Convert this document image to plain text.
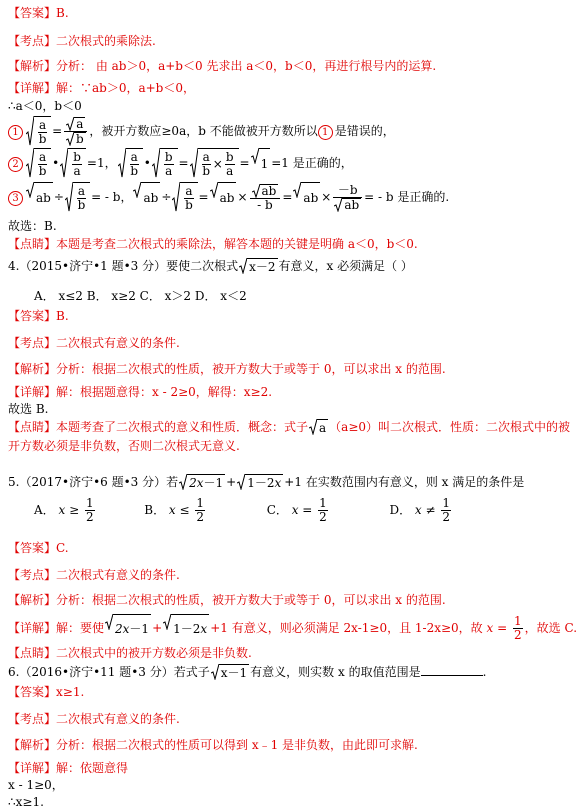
【答案】B.
【考点】二次根式的乘除法.
【解析】分析： 由 ab＞0，a+b＜0 先求出 a＜0，b＜0，再进行根号内的运算.
【详解】解：∵ab＞0，a+b＜0，
∴a＜0，b＜0
$1 \frac{a}{b} = \frac{a}{b}$ ，被开方数应≥0a，b 不能做被开方数所以 1 是错误的，
$2 \frac{a}{b}$ • $\frac{b}{a} =1$， $\frac{a}{b}$ • $\frac{b}{a} = \frac{a}{b} \times \frac{b}{a} = 1 =1$ 是正确的，
3 ab ÷ $\frac{a}{b}$ = - b， ab ÷ $\frac{a}{b}$ = ab × $\frac{ab}{- b}$ = ab × $\frac{-b}{ab}$ = - b 是正确的.
故选：B.
【点睛】本题是考查二次根式的乘除法，解答本题的关键是明确 a＜0，b＜0.
4.（2015•济宁•1 题•3 分）要使二次根式 x－2 有意义，x 必须满足（ ）
A． x≤2 B． x≥2 C． x＞2 D． x＜2
【答案】B.
【考点】二次根式有意义的条件.
【解析】分析：根据二次根式的性质，被开方数大于或等于 0，可以求出 x 的范围.
【详解】解：根据题意得：x - 2≥0，解得：x≥2.
故选 B.
【点睛】本题考查了二次根式的意义和性质．概念：式子 a （a≥0）叫二次根式．性质：二次根式中的被
开方数必须是非负数，否则二次根式无意义.
5.（2017•济宁•6 题•3 分）若 2x－1 + 1－2x +1 在实数范围内有意义，则 x 满足的条件是
A． $x \ge \frac{1}{2}$	B． $x \le \frac{1}{2}$	C． $x = \frac{1}{2}$	D． $x \ne \frac{1}{2}$
【答案】C.
【考点】二次根式有意义的条件.
【解析】分析：根据二次根式的性质，被开方数大于或等于 0，可以求出 x 的范围.
【详解】解：要使 2x－1 + 1－2x +1 有意义，则必须满足 2x-1≥0，且 1-2x≥0，故 $x = \frac{1}{2}$ ，故选 C.
【点睛】二次根式中的被开方数必须是非负数.
6.（2016•济宁•11 题•3 分）若式子 x－1 有意义，则实数 x 的取值范围是	.
【答案】x≥1.
【考点】二次根式有意义的条件.
【解析】分析：根据二次根式的性质可以得到 x﹣1 是非负数，由此即可求解.
【详解】解：依题意得
x - 1≥0，
∴x≥1.
